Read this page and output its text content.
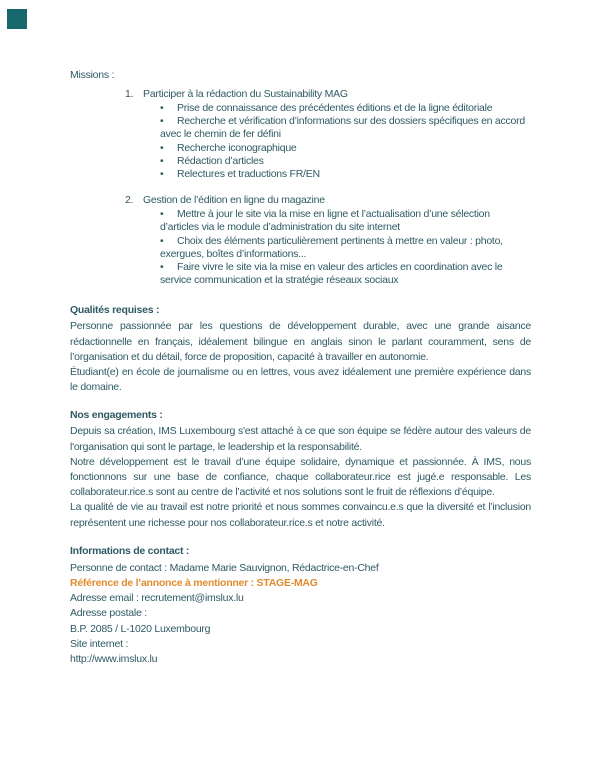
Missions :
1. Participer à la rédaction du Sustainability MAG
• Prise de connaissance des précédentes éditions et de la ligne éditoriale
• Recherche et vérification d’informations sur des dossiers spécifiques en accord avec le chemin de fer défini
• Recherche iconographique
• Rédaction d’articles
• Relectures et traductions FR/EN
2. Gestion de l’édition en ligne du magazine
• Mettre à jour le site via la mise en ligne et l’actualisation d’une sélection d’articles via le module d’administration du site internet
• Choix des éléments particulièrement pertinents à mettre en valeur : photo, exergues, boîtes d’informations...
• Faire vivre le site via la mise en valeur des articles en coordination avec le service communication et la stratégie réseaux sociaux
Qualités requises :

Personne passionnée par les questions de développement durable, avec une grande aisance rédactionnelle en français, idéalement bilingue en anglais sinon le parlant couramment, sens de l’organisation et du détail, force de proposition, capacité à travailler en autonomie.

Étudiant(e) en école de journalisme ou en lettres, vous avez idéalement une première expérience dans le domaine.

Nos engagements :

Depuis sa création, IMS Luxembourg s'est attaché à ce que son équipe se fédère autour des valeurs de l'organisation qui sont le partage, le leadership et la responsabilité.

Notre développement est le travail d’une équipe solidaire, dynamique et passionnée. À IMS, nous fonctionnons sur une base de confiance, chaque collaborateur.rice est jugé.e responsable. Les collaborateur.rice.s sont au centre de l’activité et nos solutions sont le fruit de réflexions d’équipe.

La qualité de vie au travail est notre priorité et nous sommes convaincu.e.s que la diversité et l’inclusion représentent une richesse pour nos collaborateur.rice.s et notre activité.

Informations de contact :
Personne de contact : Madame Marie Sauvignon, Rédactrice-en-Chef
Référence de l’annonce à mentionner : STAGE-MAG
Adresse email : recrutement@imslux.lu
Adresse postale :
B.P. 2085 / L-1020 Luxembourg
Site internet :
http://www.imslux.lu
